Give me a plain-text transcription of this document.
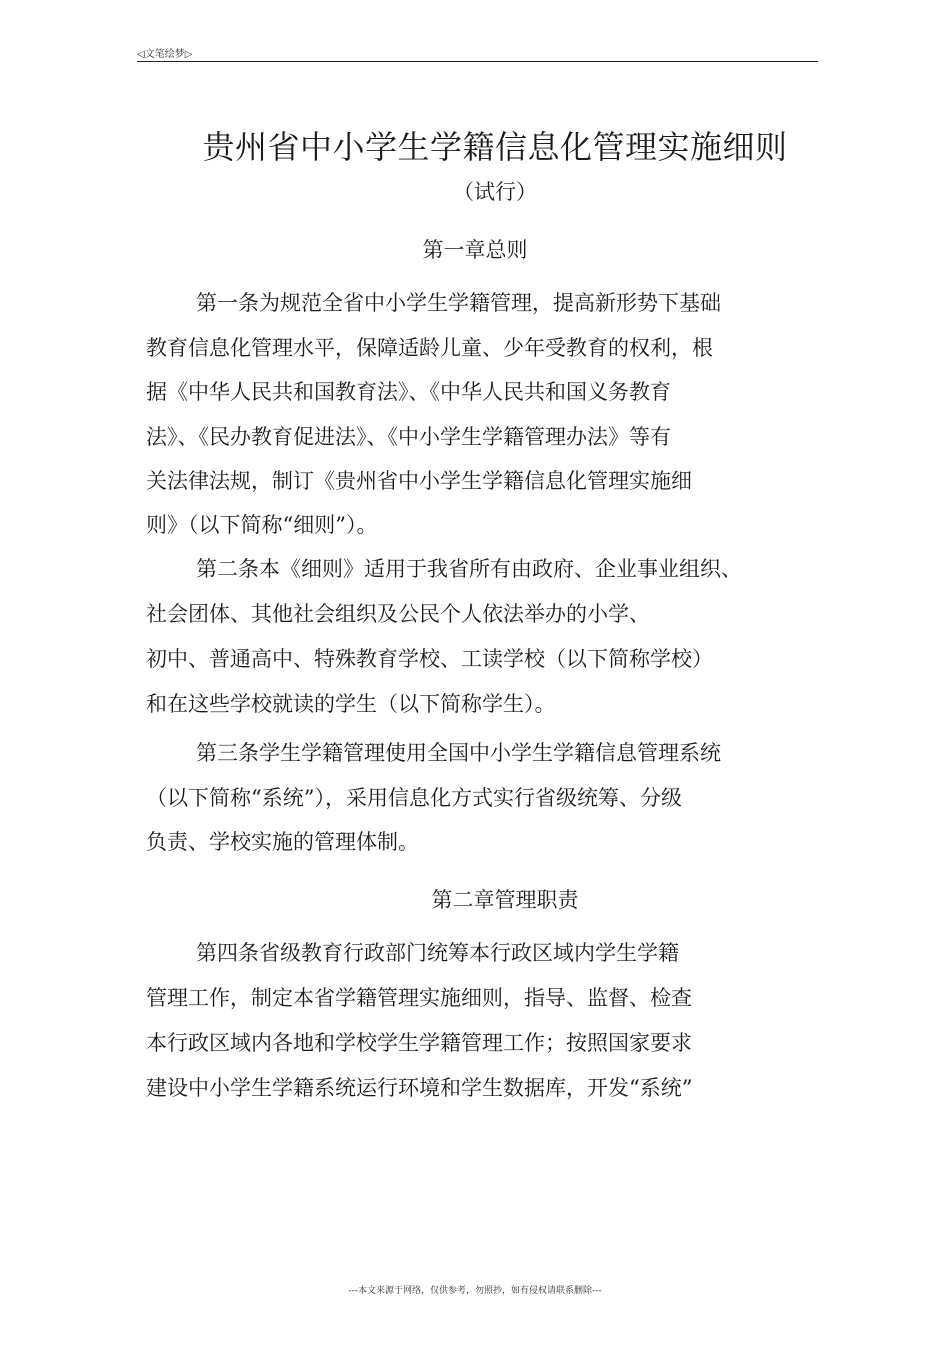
◁文笔绘梦▷
贵州省中小学生学籍信息化管理实施细则
（试行）
第一章总则
第一条为规范全省中小学生学籍管理，提高新形势下基础
教育信息化管理水平，保障适龄儿童、少年受教育的权利，根
据《中华人民共和国教育法》、《中华人民共和国义务教育
法》、《民办教育促进法》、《中小学生学籍管理办法》等有
关法律法规，制订《贵州省中小学生学籍信息化管理实施细
则》（以下简称“细则”）。
第二条本《细则》适用于我省所有由政府、企业事业组织、
社会团体、其他社会组织及公民个人依法举办的小学、
初中、普通高中、特殊教育学校、工读学校（以下简称学校）
和在这些学校就读的学生（以下简称学生）。
第三条学生学籍管理使用全国中小学生学籍信息管理系统
（以下简称“系统”），采用信息化方式实行省级统筹、分级
负责、学校实施的管理体制。
第二章管理职责
第四条省级教育行政部门统筹本行政区域内学生学籍
管理工作，制定本省学籍管理实施细则，指导、监督、检查
本行政区域内各地和学校学生学籍管理工作；按照国家要求
建设中小学生学籍系统运行环境和学生数据库，开发“系统”
---本文来源于网络，仅供参考，勿照抄，如有侵权请联系删除---
